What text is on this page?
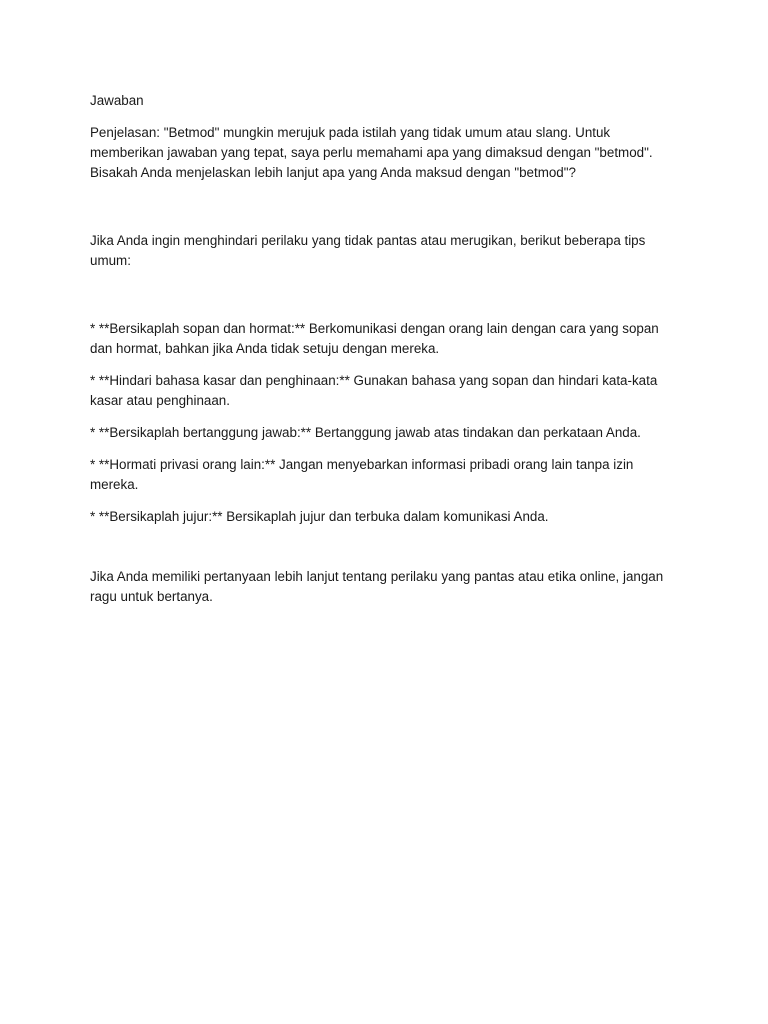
Jawaban

Penjelasan: "Betmod" mungkin merujuk pada istilah yang tidak umum atau slang. Untuk memberikan jawaban yang tepat, saya perlu memahami apa yang dimaksud dengan "betmod". Bisakah Anda menjelaskan lebih lanjut apa yang Anda maksud dengan "betmod"?

Jika Anda ingin menghindari perilaku yang tidak pantas atau merugikan, berikut beberapa tips umum:

* **Bersikaplah sopan dan hormat:** Berkomunikasi dengan orang lain dengan cara yang sopan dan hormat, bahkan jika Anda tidak setuju dengan mereka.

* **Hindari bahasa kasar dan penghinaan:** Gunakan bahasa yang sopan dan hindari kata-kata kasar atau penghinaan.

* **Bersikaplah bertanggung jawab:** Bertanggung jawab atas tindakan dan perkataan Anda.

* **Hormati privasi orang lain:** Jangan menyebarkan informasi pribadi orang lain tanpa izin mereka.

* **Bersikaplah jujur:** Bersikaplah jujur dan terbuka dalam komunikasi Anda.

Jika Anda memiliki pertanyaan lebih lanjut tentang perilaku yang pantas atau etika online, jangan ragu untuk bertanya.
